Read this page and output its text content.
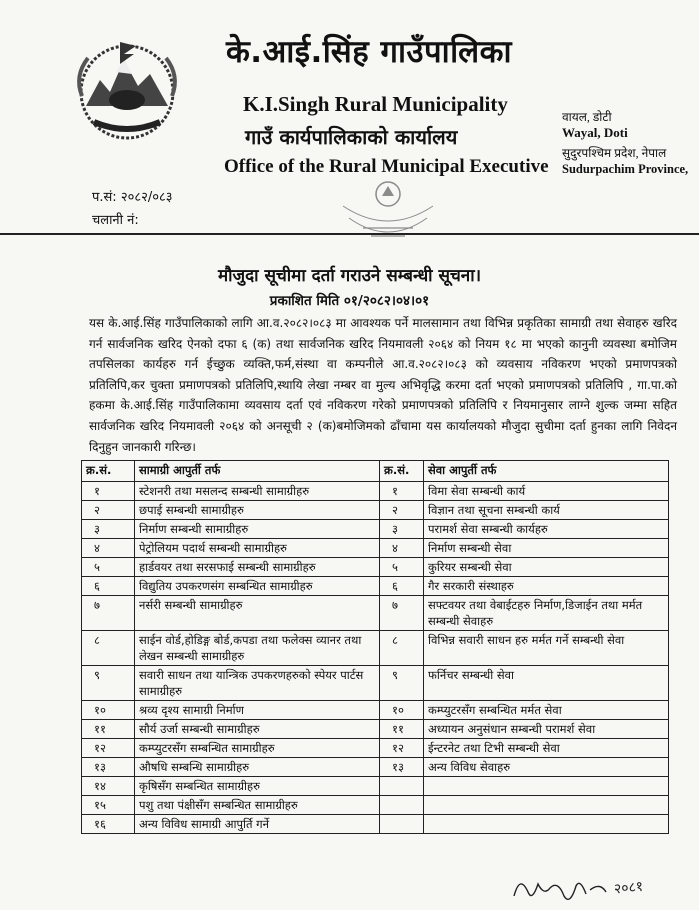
के.आई.सिंह गाउँपालिका
K.I.Singh Rural Municipality
गाउँ कार्यपालिकाको कार्यालय
Office of the Rural Municipal Executive
वायल, डोटी
Wayal, Doti
सुदुरपश्चिम प्रदेश, नेपाल
Sudurpachim Province,
प.सं: २०८२/०८३
चलानी नं:
मौजुदा सूचीमा दर्ता गराउने सम्बन्धी सूचना।
प्रकाशित मिति ०१/२०८२।०४।०१

यस के.आई.सिंह गाउँपालिकाको लागि आ.व.२०८२।०८३ मा आवश्यक पर्ने मालसामान तथा विभिन्न प्रकृतिका सामाग्री तथा सेवाहरु खरिद गर्न सार्वजनिक खरिद ऐनको दफा ६ (क) तथा सार्वजनिक खरिद नियमावली २०६४ को नियम १८ मा भएको कानुनी व्यवस्था बमोजिम तपसिलका कार्यहरु गर्न ईच्छुक व्यक्ति,फर्म,संस्था वा कम्पनीले आ.व.२०८२।०८३ को व्यवसाय नविकरण भएको प्रमाणपत्रको प्रतिलिपि,कर चुक्ता प्रमाणपत्रको प्रतिलिपि,स्थायि लेखा नम्बर वा मुल्य अभिवृद्धि करमा दर्ता भएको प्रमाणपत्रको प्रतिलिपि , गा.पा.को हकमा के.आई.सिंह गाउँपालिकामा व्यवसाय दर्ता एवं नविकरण गरेको प्रमाणपत्रको प्रतिलिपि र नियमानुसार लाग्ने शुल्क जम्मा सहित सार्वजनिक खरिद नियमावली २०६४ को अनसूची २ (क)बमोजिमको ढाँचामा यस कार्यालयको मौजुदा सुचीमा दर्ता हुनका लागि निवेदन दिनुहुन जानकारी गरिन्छ।

क्र.सं.	सामाग्री आपुर्ती तर्फ	क्र.सं.	सेवा आपुर्ती तर्फ
१	स्टेशनरी तथा मसलन्द सम्बन्धी सामाग्रीहरु	१	विमा सेवा सम्बन्धी कार्य
२	छपाई सम्बन्धी सामाग्रीहरु	२	विज्ञान तथा सूचना सम्बन्धी कार्य
३	निर्माण सम्बन्धी सामाग्रीहरु	३	परामर्श सेवा सम्बन्धी कार्यहरु
४	पेट्रोलियम पदार्थ सम्बन्धी सामाग्रीहरु	४	निर्माण सम्बन्धी सेवा
५	हार्डवयर तथा सरसफाई सम्बन्धी सामाग्रीहरु	५	कुरियर सम्बन्धी सेवा
६	विद्युतिय उपकरणसंग सम्बन्धित सामाग्रीहरु	६	गैर सरकारी संस्थाहरु
७	नर्सरी सम्बन्धी सामाग्रीहरु	७	सफ्टवयर तथा वेबाईटहरु निर्माण,डिजाईन तथा मर्मत सम्बन्धी सेवाहरु
८	साईन वोर्ड,होडिङ्ग बोर्ड,कपडा तथा फलेक्स व्यानर तथा लेखन सम्बन्धी सामाग्रीहरु	८	विभिन्न सवारी साधन हरु मर्मत गर्ने सम्बन्धी सेवा
९	सवारी साधन तथा यान्त्रिक उपकरणहरुको स्पेयर पार्टस सामाग्रीहरु	९	फर्निचर सम्बन्धी सेवा
१०	श्रव्य दृश्य सामाग्री निर्माण	१०	कम्प्युटरसँग सम्बन्धित मर्मत सेवा
११	सौर्य उर्जा सम्बन्धी सामाग्रीहरु	११	अध्यायन अनुसंधान सम्बन्धी परामर्श सेवा
१२	कम्प्युटरसँग सम्बन्धित सामाग्रीहरु	१२	ईन्टरनेट तथा टिभी सम्बन्धी सेवा
१३	औषधि सम्बन्धि सामाग्रीहरु	१३	अन्य विविध सेवाहरु
१४	कृषिसँग सम्बन्धित सामाग्रीहरु		
१५	पशु तथा पंक्षीसँग सम्बन्धित सामाग्रीहरु		
१६	अन्य विविध सामाग्री आपुर्ति गर्ने		
२०८१
